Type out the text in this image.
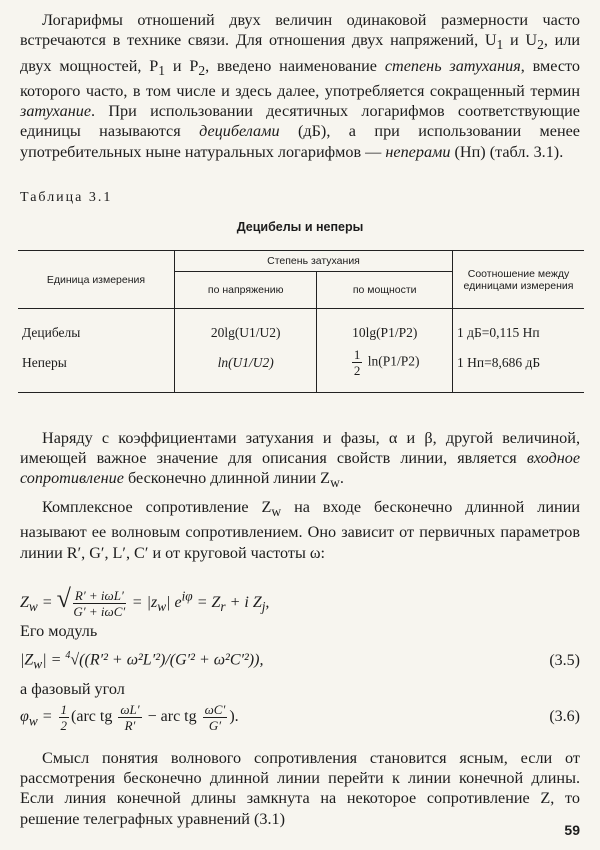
Логарифмы отношений двух величин одинаковой размерности часто встречаются в технике связи. Для отношения двух напряжений, $U_1$ и $U_2$, или двух мощностей, $P_1$ и $P_2$, введено наименование степень затухания, вместо которого часто, в том числе и здесь далее, употребляется сокращенный термин затухание. При использовании десятичных логарифмов соответствующие единицы называются децибелами (дБ), а при использовании менее употребительных ныне натуральных логарифмов — неперами (Нп) (табл. 3.1).

Таблица 3.1
Децибелы и неперы
Единица измерения	Степень затухания		Соотношение между единицами измерения
	по напряжению	по мощности	
Децибелы	20lg(U1/U2)	10lg(P1/P2)	1 дБ=0,115 Нп
Неперы	ln(U1/U2)	$\frac{1}{2} \ln(P1/P2)$	1 Нп=8,686 дБ

Наряду с коэффициентами затухания и фазы, α и β, другой величиной, имеющей важное значение для описания свойств линии, является входное сопротивление бесконечно длинной линии $Z_w$.

Комплексное сопротивление $Z_w$ на входе бесконечно длинной линии называют ее волновым сопротивлением. Оно зависит от первичных параметров линии R′, G′, L′, C′ и от круговой частоты ω:

$Z_w$ = √ $\frac{\text{R′ + iωL′}}{\text{G′ + iωC′}} = |z_w|$ $e^{i\varphi} = Z_r + i$ $Z_j$,
Его модуль
$|Z_w| = ^4√((R'^2 + \omega^2L'^2)/(G'^2 + \omega^2C'^2))$,	(3.5)
а фазовый угол
$\varphi_w = \frac{1}{2} (arc$ tg $\frac{\omega L'}{R'}$ − arc tg $\frac{\omega C'}{G'}$ ).	(3.6)

Смысл понятия волнового сопротивления становится ясным, если от рассмотрения бесконечно длинной линии перейти к линии конечной длины. Если линия конечной длины замкнута на некоторое сопротивление Z, то решение телеграфных уравнений (3.1)

59
